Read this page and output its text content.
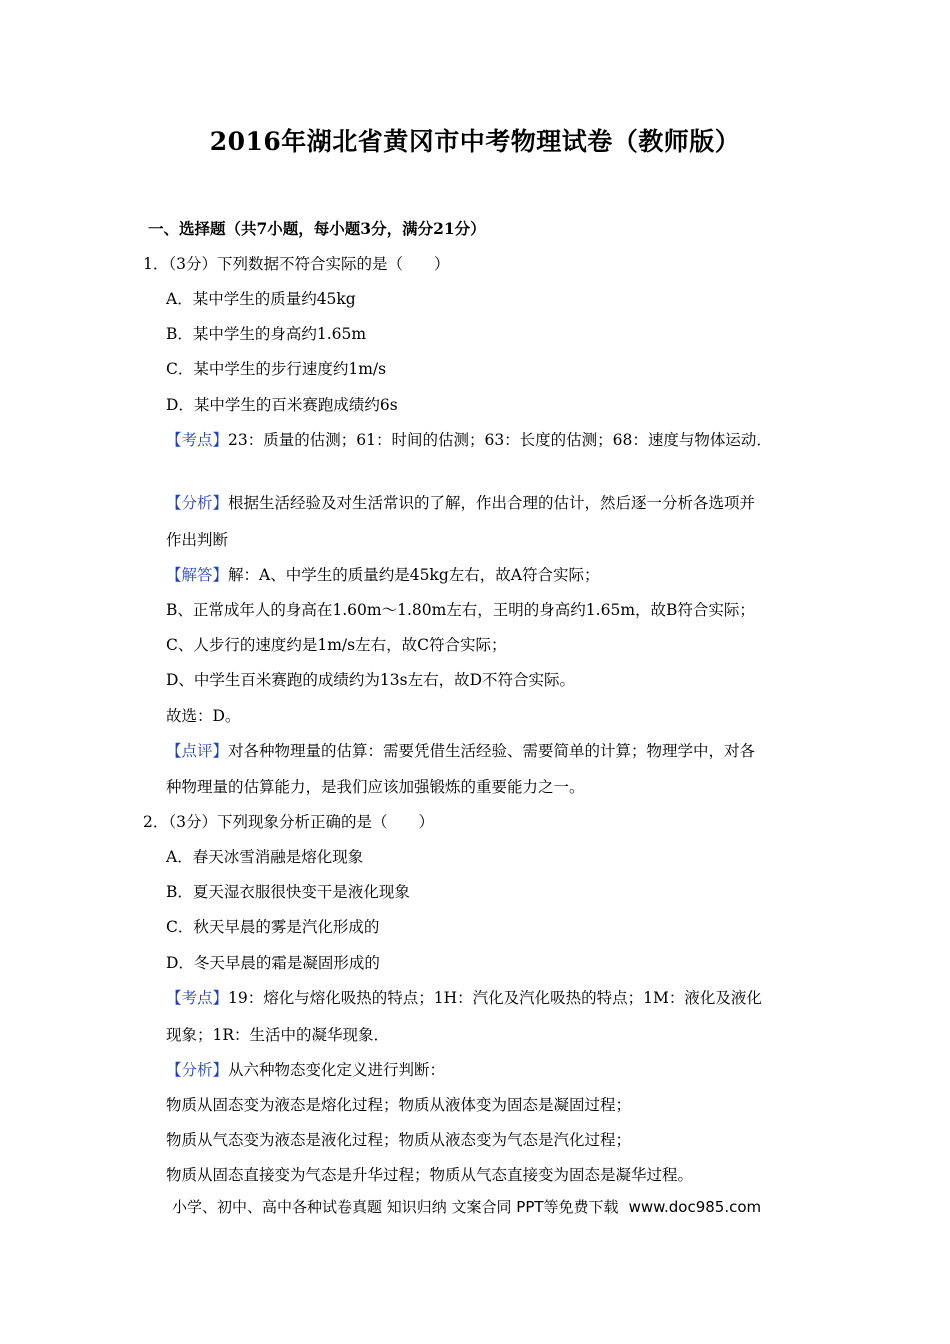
2016年湖北省黄冈市中考物理试卷（教师版）
一、选择题（共7小题，每小题3分，满分21分）
1．（3分）下列数据不符合实际的是（　　）
A．某中学生的质量约45kg
B．某中学生的身高约1.65m
C．某中学生的步行速度约1m/s
D．某中学生的百米赛跑成绩约6s
【考点】23：质量的估测；61：时间的估测；63：长度的估测；68：速度与物体运动．
【分析】根据生活经验及对生活常识的了解，作出合理的估计，然后逐一分析各选项并
作出判断
【解答】解：A、中学生的质量约是45kg左右，故A符合实际；
B、正常成年人的身高在1.60m～1.80m左右，王明的身高约1.65m，故B符合实际；
C、人步行的速度约是1m/s左右，故C符合实际；
D、中学生百米赛跑的成绩约为13s左右，故D不符合实际。
故选：D。
【点评】对各种物理量的估算：需要凭借生活经验、需要简单的计算；物理学中，对各
种物理量的估算能力，是我们应该加强锻炼的重要能力之一。
2．（3分）下列现象分析正确的是（　　）
A．春天冰雪消融是熔化现象
B．夏天湿衣服很快变干是液化现象
C．秋天早晨的雾是汽化形成的
D．冬天早晨的霜是凝固形成的
【考点】19：熔化与熔化吸热的特点；1H：汽化及汽化吸热的特点；1M：液化及液化
现象；1R：生活中的凝华现象．
【分析】从六种物态变化定义进行判断：
物质从固态变为液态是熔化过程；物质从液体变为固态是凝固过程；
物质从气态变为液态是液化过程；物质从液态变为气态是汽化过程；
物质从固态直接变为气态是升华过程；物质从气态直接变为固态是凝华过程。
小学、初中、高中各种试卷真题 知识归纳 文案合同 PPT等免费下载 www.doc985.com
